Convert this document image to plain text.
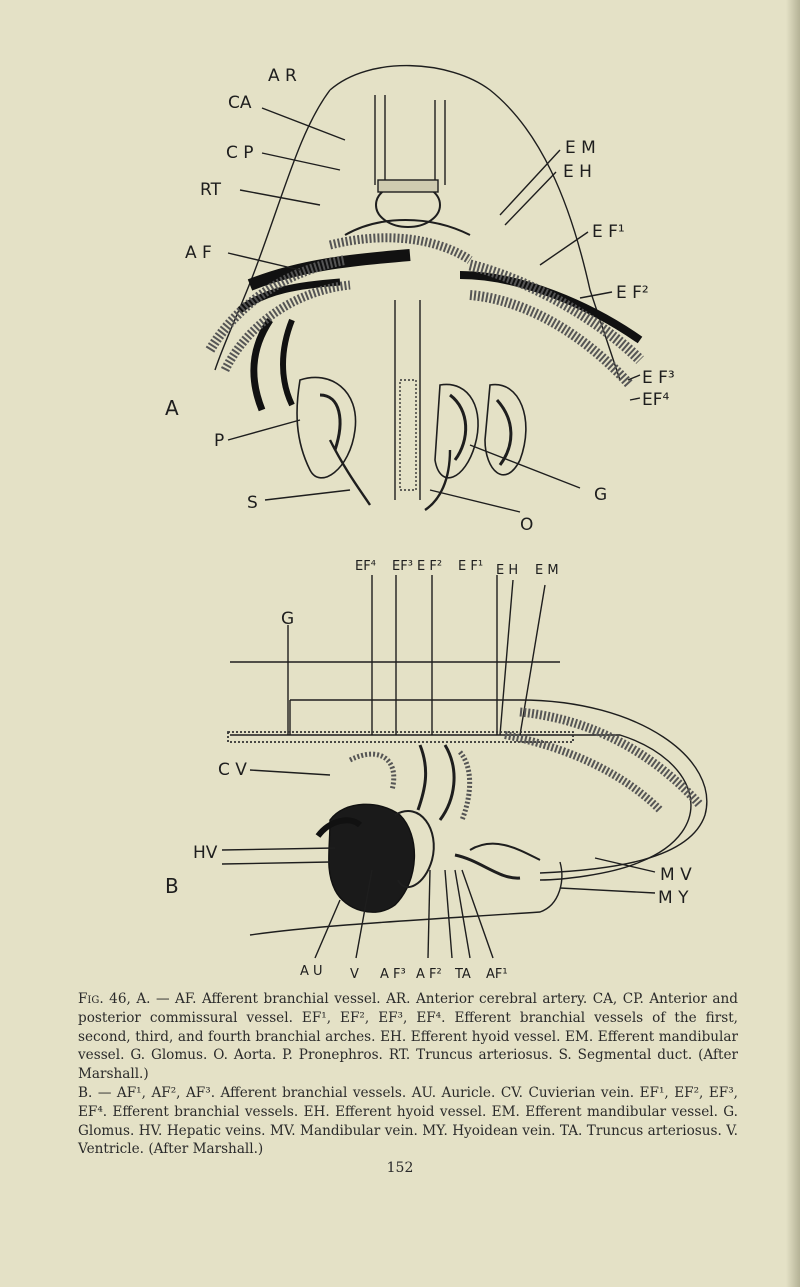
A R
CA
C P
RT
A F
E M
E H
E F¹
E F²
E F³
EF⁴
G
O
P
S
A
EF⁴ EF³ E F² E F¹ E H E M
G
C V
HV
M V
M Y
B
A U V A F³ A F² TA AF¹

Fig. 46, A. — AF. Afferent branchial vessel. AR. Anterior cerebral artery. CA, CP. Anterior and posterior commissural vessel. EF¹, EF², EF³, EF⁴. Efferent branchial vessels of the first, second, third, and fourth branchial arches. EH. Efferent hyoid vessel. EM. Efferent mandibular vessel. G. Glomus. O. Aorta. P. Pronephros. RT. Truncus arteriosus. S. Segmental duct. (After Marshall.)

B. — AF¹, AF², AF³. Afferent branchial vessels. AU. Auricle. CV. Cuvierian vein. EF¹, EF², EF³, EF⁴. Efferent branchial vessels. EH. Efferent hyoid vessel. EM. Efferent mandibular vessel. G. Glomus. HV. Hepatic veins. MV. Mandibular vein. MY. Hyoidean vein. TA. Truncus arteriosus. V. Ventricle. (After Marshall.)

152
